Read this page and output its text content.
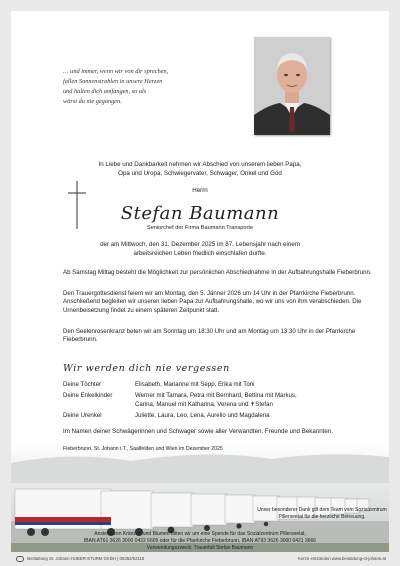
… und immer, wenn wir von dir sprechen,
fallen Sonnenstrahlen in unsere Herzen
und halten dich umfangen, so als
wärst du nie gegangen.
In Liebe und Dankbarkeit nehmen wir Abschied von unserem lieben Papa,
Opa und Uropa, Schwiegervater, Schwager, Onkel und Göd
Herrn
Stefan Baumann
Seniorchef der Firma Baumann Transporte
der am Mittwoch, den 31. Dezember 2025 im 87. Lebensjahr nach einem
arbeitsreichen Leben friedlich einschlafen durfte.
Ab Samstag Mittag besteht die Möglichkeit zur persönlichen Abschiednahme in der Aufbahrungshalle Fieberbrunn.
Den Trauergottesdienst feiern wir am Montag, den 5. Jänner 2026 um 14 Uhr in der Pfarrkirche Fieberbrunn. Anschließend begleiten wir unseren lieben Papa zur Aufbahrungshalle, wo wir uns von ihm verabschieden. Die Urnenbeisetzung findet zu einem späteren Zeitpunkt statt.
Den Seelenrosenkranz beten wir am Sonntag um 18:30 Uhr und am Montag um 13:30 Uhr in der Pfarrkirche Fieberbrunn.
Wir werden dich nie vergessen
Deine Töchter	Elisabeth, Marianne mit Sepp, Erika mit Toni
Deine Enkelkinder	Werner mit Tamara, Petra mit Bernhard, Bettina mit Markus,
Carina, Manuel mit Katharina, Verena und ✝Stefan
Deine Urenkel	Juliette, Laura, Leo, Lena, Aurelio und Magdalena
Im Namen deiner Schwägerinnen und Schwager sowie aller Verwandten, Freunde und Bekannten.
Fieberbrunn, St. Johann i.T., Saalfelden und Wien im Dezember 2025
Unser besonderer Dank gilt dem Team vom Sozialzentrum Pillerseetal für die herzliche Betreuung.
Anstelle von Kränzen und Blumen bitten wir um eine Spende für das Sozialzentrum Pillerseetal,
IBAN AT61 3626 3000 0422 6605 oder für die Pfarrkirche Fieberbrunn, IBAN AT93 3626 3000 0421 3666
Verwendungszweck: Trauerfall Stefan Baumann
Bestattung St. Johann HUBER-STURM GmbH | 05352/62115	Kerze entzünden www.bestattung-st-johann.at
